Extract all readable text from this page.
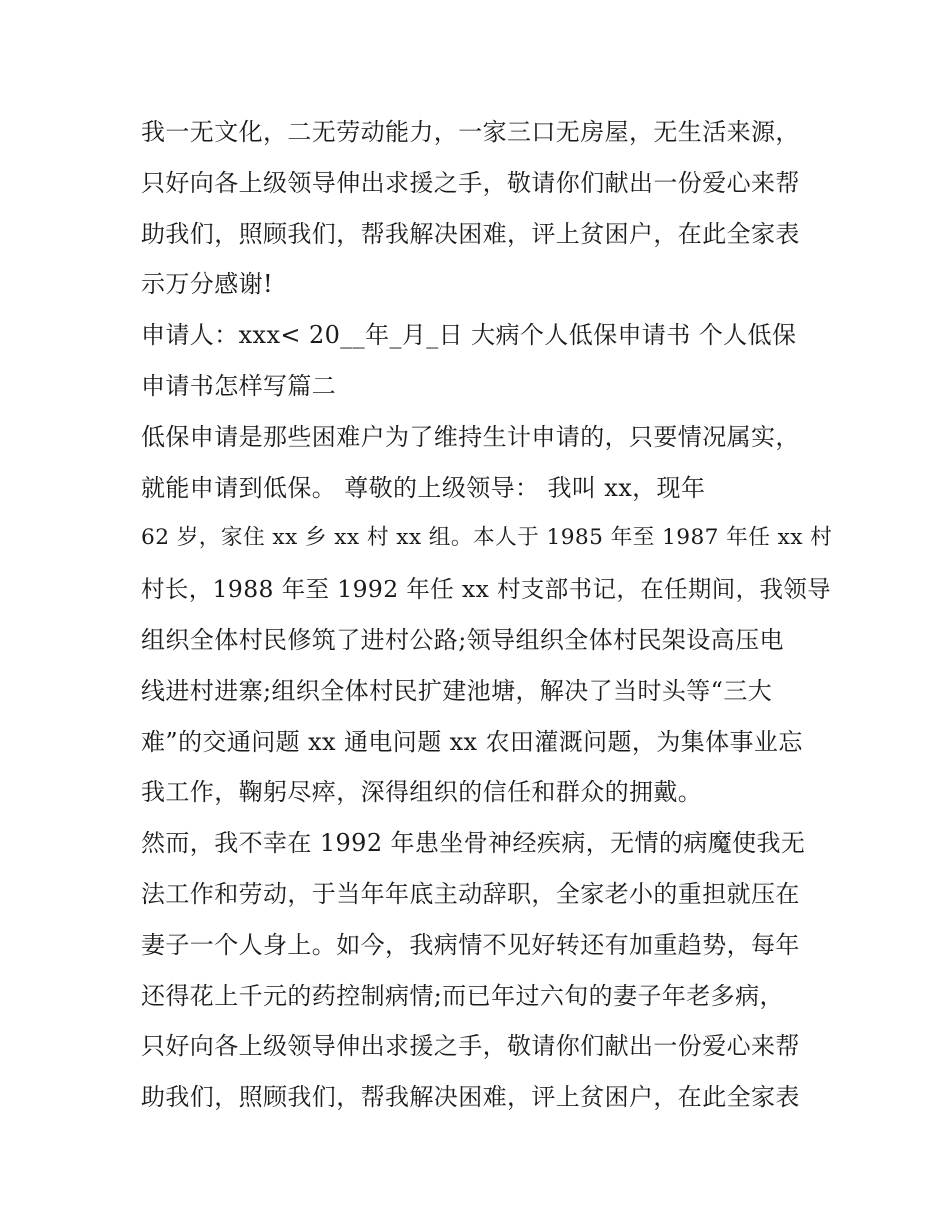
我一无文化，二无劳动能力，一家三口无房屋，无生活来源，
只好向各上级领导伸出求援之手，敬请你们献出一份爱心来帮
助我们，照顾我们，帮我解决困难，评上贫困户，在此全家表
示万分感谢!
申请人：xxx< 20__年_月_日 大病个人低保申请书 个人低保
申请书怎样写篇二
低保申请是那些困难户为了维持生计申请的，只要情况属实，
就能申请到低保。 尊敬的上级领导： 我叫 xx，现年
62 岁，家住 xx 乡 xx 村 xx 组。本人于 1985 年至 1987 年任 xx 村
村长，1988 年至 1992 年任 xx 村支部书记，在任期间，我领导
组织全体村民修筑了进村公路;领导组织全体村民架设高压电
线进村进寨;组织全体村民扩建池塘，解决了当时头等“三大
难”的交通问题 xx 通电问题 xx 农田灌溉问题，为集体事业忘
我工作，鞠躬尽瘁，深得组织的信任和群众的拥戴。
然而，我不幸在 1992 年患坐骨神经疾病，无情的病魔使我无
法工作和劳动，于当年年底主动辞职，全家老小的重担就压在
妻子一个人身上。如今，我病情不见好转还有加重趋势，每年
还得花上千元的药控制病情;而已年过六旬的妻子年老多病，
只好向各上级领导伸出求援之手，敬请你们献出一份爱心来帮
助我们，照顾我们，帮我解决困难，评上贫困户，在此全家表
